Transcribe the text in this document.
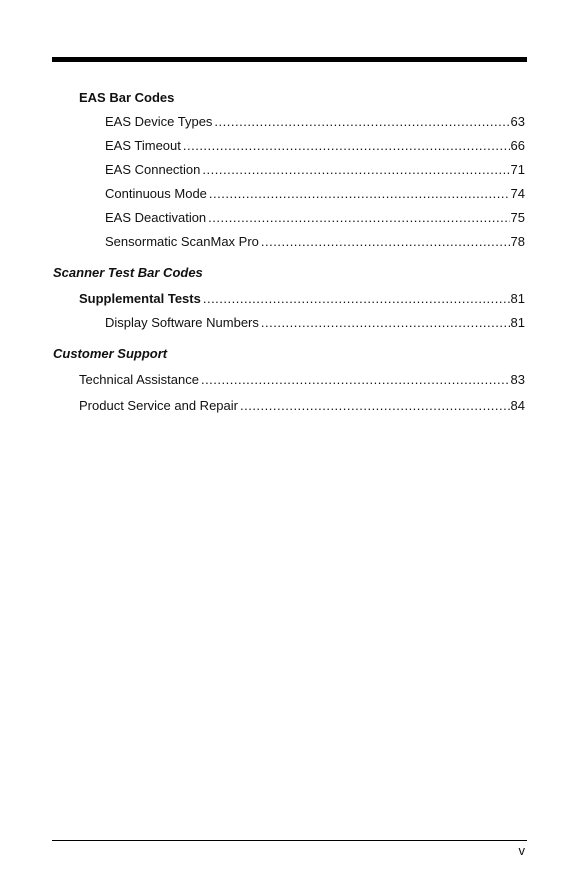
EAS Bar Codes
EAS Device Types .....	63
EAS Timeout .....	66
EAS Connection .....	71
Continuous Mode .....	74
EAS Deactivation .....	75
Sensormatic ScanMax Pro .....	78
Scanner Test Bar Codes
Supplemental Tests .....	81
Display Software Numbers .....	81
Customer Support
Technical Assistance .....	83
Product Service and Repair .....	84
v
